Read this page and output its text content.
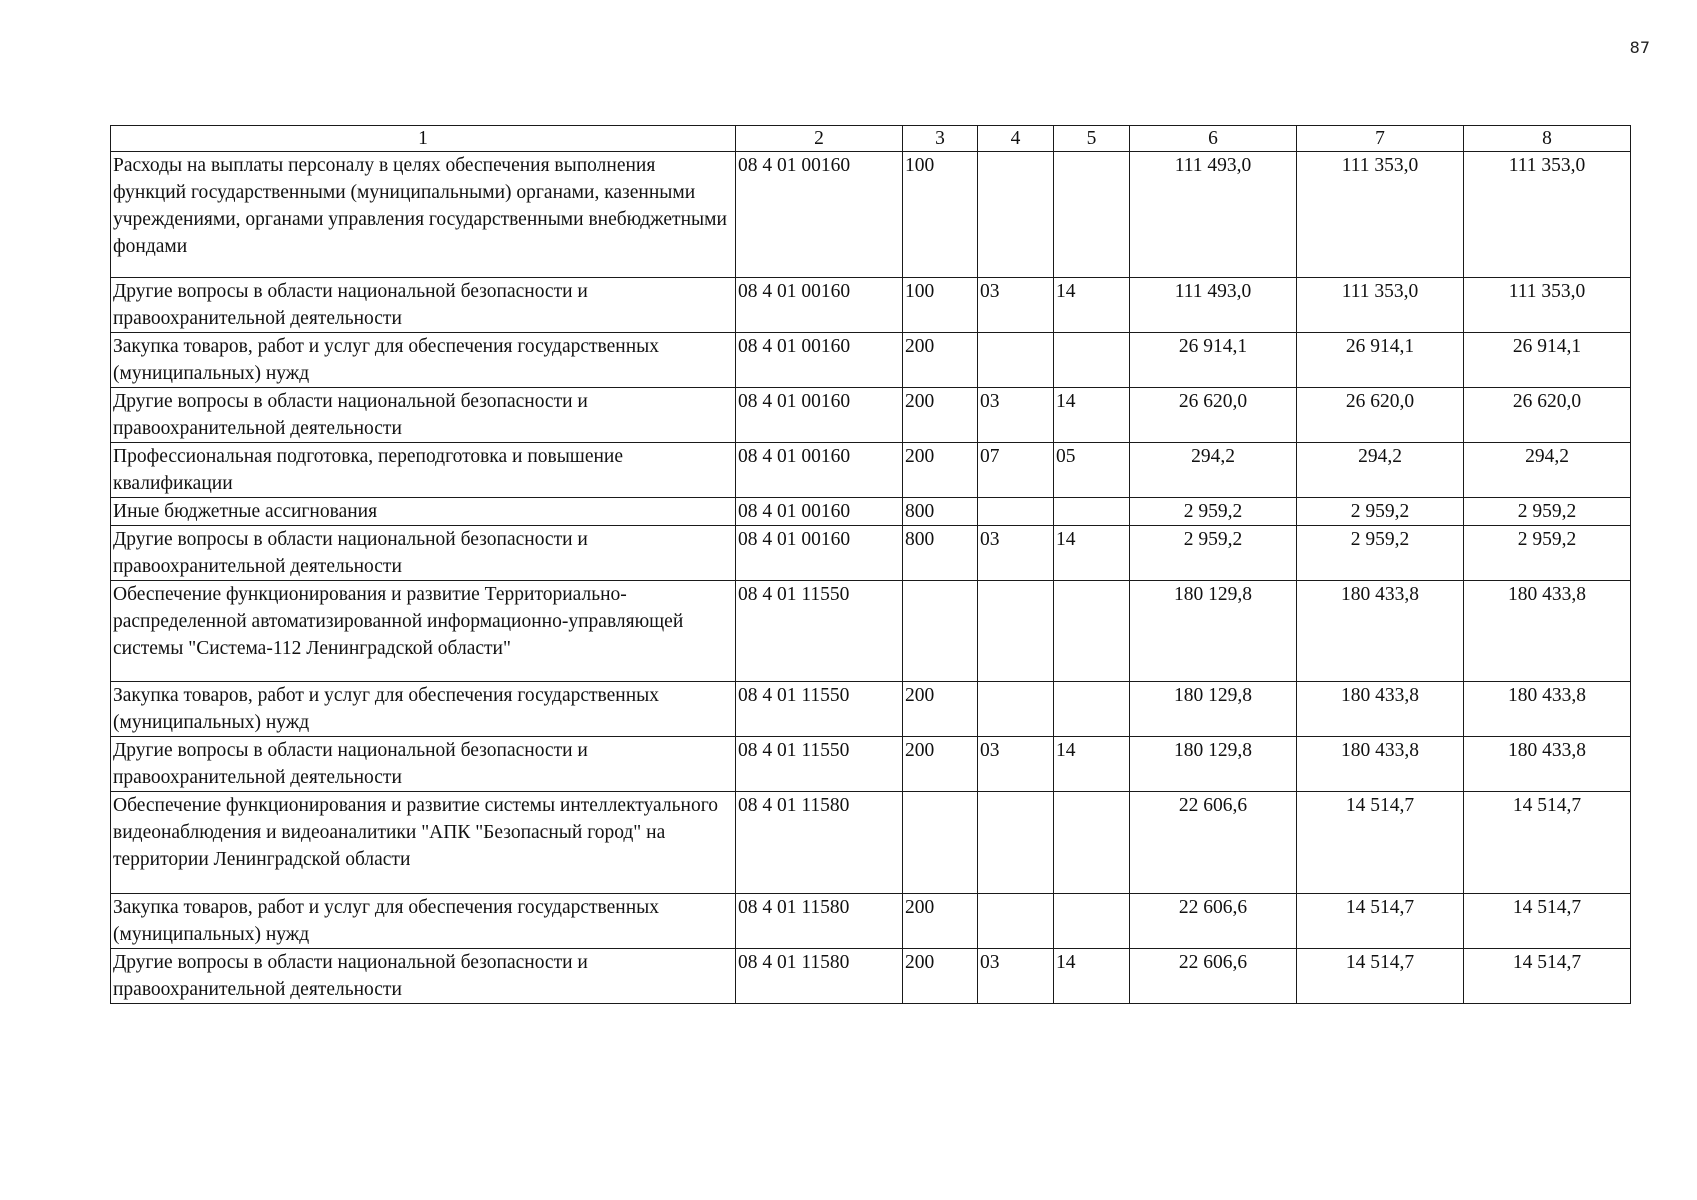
87
1	2	3	4	5	6	7	8
Расходы на выплаты персоналу в целях обеспечения выполнения функций государственными (муниципальными) органами, казенными учреждениями, органами управления государственными внебюджетными фондами	08 4 01 00160	100			111 493,0	111 353,0	111 353,0
Другие вопросы в области национальной безопасности и правоохранительной деятельности	08 4 01 00160	100	03	14	111 493,0	111 353,0	111 353,0
Закупка товаров, работ и услуг для обеспечения государственных (муниципальных) нужд	08 4 01 00160	200			26 914,1	26 914,1	26 914,1
Другие вопросы в области национальной безопасности и правоохранительной деятельности	08 4 01 00160	200	03	14	26 620,0	26 620,0	26 620,0
Профессиональная подготовка, переподготовка и повышение квалификации	08 4 01 00160	200	07	05	294,2	294,2	294,2
Иные бюджетные ассигнования	08 4 01 00160	800			2 959,2	2 959,2	2 959,2
Другие вопросы в области национальной безопасности и правоохранительной деятельности	08 4 01 00160	800	03	14	2 959,2	2 959,2	2 959,2
Обеспечение функционирования и развитие Территориально-распределенной автоматизированной информационно-управляющей системы "Система-112 Ленинградской области"	08 4 01 11550				180 129,8	180 433,8	180 433,8
Закупка товаров, работ и услуг для обеспечения государственных (муниципальных) нужд	08 4 01 11550	200			180 129,8	180 433,8	180 433,8
Другие вопросы в области национальной безопасности и правоохранительной деятельности	08 4 01 11550	200	03	14	180 129,8	180 433,8	180 433,8
Обеспечение функционирования и развитие системы интеллектуального видеонаблюдения и видеоаналитики "АПК "Безопасный город" на территории Ленинградской области	08 4 01 11580				22 606,6	14 514,7	14 514,7
Закупка товаров, работ и услуг для обеспечения государственных (муниципальных) нужд	08 4 01 11580	200			22 606,6	14 514,7	14 514,7
Другие вопросы в области национальной безопасности и правоохранительной деятельности	08 4 01 11580	200	03	14	22 606,6	14 514,7	14 514,7
